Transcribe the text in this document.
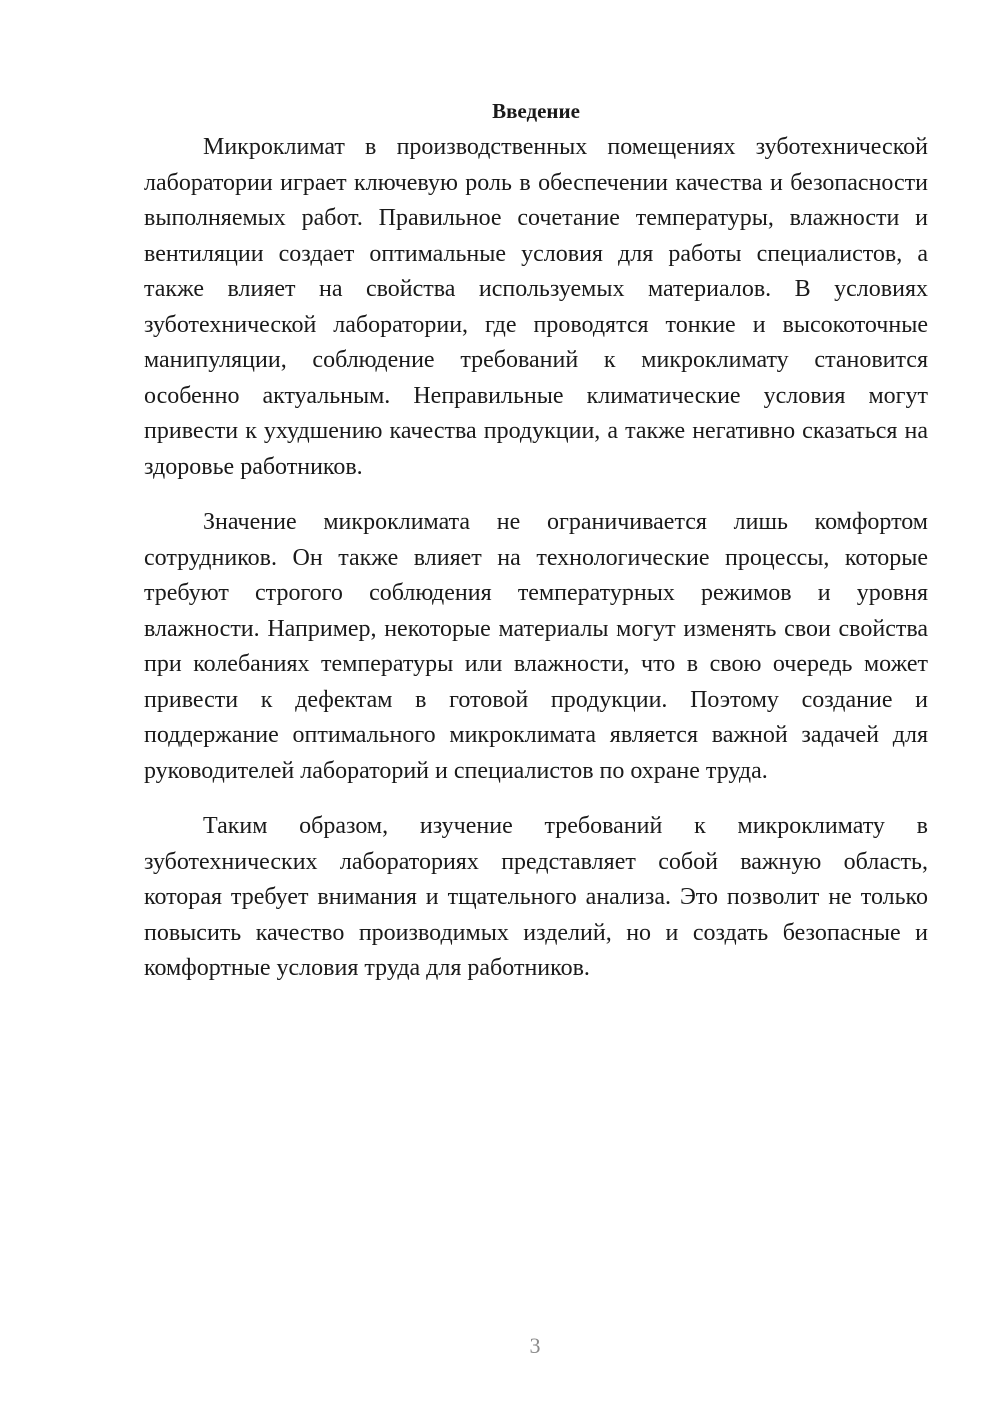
Введение

Микроклимат в производственных помещениях зуботехнической лаборатории играет ключевую роль в обеспечении качества и безопасности выполняемых работ. Правильное сочетание температуры, влажности и вентиляции создает оптимальные условия для работы специалистов, а также влияет на свойства используемых материалов. В условиях зуботехнической лаборатории, где проводятся тонкие и высокоточные манипуляции, соблюдение требований к микроклимату становится особенно актуальным. Неправильные климатические условия могут привести к ухудшению качества продукции, а также негативно сказаться на здоровье работников.

Значение микроклимата не ограничивается лишь комфортом сотрудников. Он также влияет на технологические процессы, которые требуют строгого соблюдения температурных режимов и уровня влажности. Например, некоторые материалы могут изменять свои свойства при колебаниях температуры или влажности, что в свою очередь может привести к дефектам в готовой продукции. Поэтому создание и поддержание оптимального микроклимата является важной задачей для руководителей лабораторий и специалистов по охране труда.

Таким образом, изучение требований к микроклимату в зуботехнических лабораториях представляет собой важную область, которая требует внимания и тщательного анализа. Это позволит не только повысить качество производимых изделий, но и создать безопасные и комфортные условия труда для работников.

3
